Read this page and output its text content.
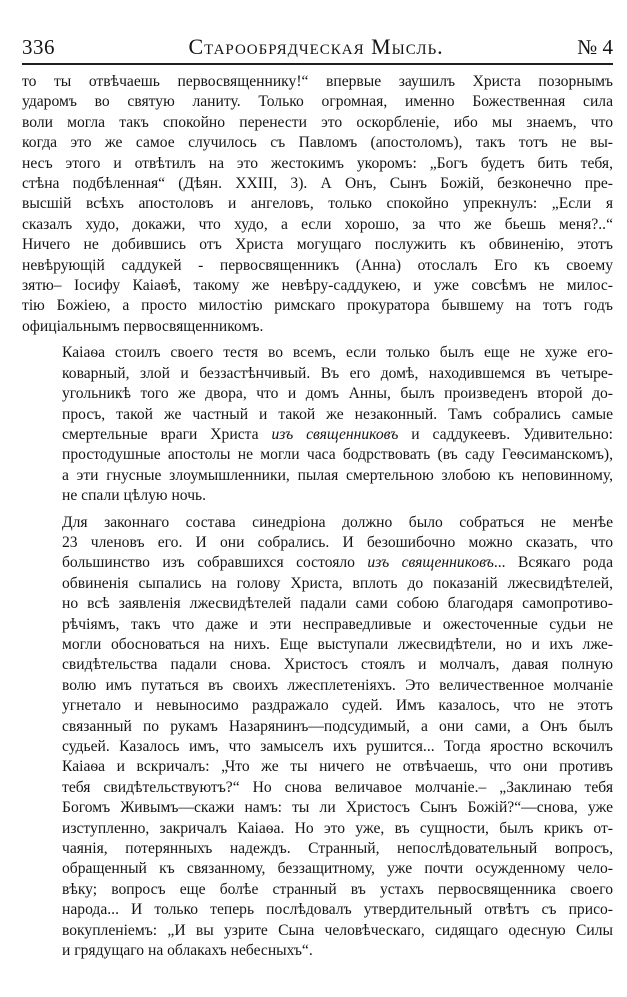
336	Старообрядческая Мысль.	№ 4
то ты отвѣчаешь первосвященнику!“ впервые заушилъ Христа позорнымъ
ударомъ во святую ланиту. Только огромная, именно Божественная сила
воли могла такъ спокойно перенести это оскорбленіе, ибо мы знаемъ, что
когда это же самое случилось съ Павломъ (апостоломъ), такъ тотъ не вы-
несъ этого и отвѣтилъ на это жестокимъ укоромъ: „Богъ будетъ бить тебя,
стѣна подбѣленная“ (Дѣян. XXIII, 3). А Онъ, Сынъ Божій, безконечно пре-
высшій всѣхъ апостоловъ и ангеловъ, только спокойно упрекнулъ: „Если я
сказалъ худо, докажи, что худо, а если хорошо, за что же бьешь меня?..“
Ничего не добившись отъ Христа могущаго послужить къ обвиненію, этотъ
невѣрующій саддукей - первосвященникъ (Анна) отослалъ Его къ своему
зятю– Іосифу Каіаѳѣ, такому же невѣру-саддукею, и уже совсѣмъ не милос-
тію Божіею, а просто милостію римскаго прокуратора бывшему на тотъ годъ
офиціальнымъ первосвященникомъ.
Каіаѳа стоилъ своего тестя во всемъ, если только былъ еще не хуже его-
коварный, злой и беззастѣнчивый. Въ его домѣ, находившемся въ четыре-
угольникѣ того же двора, что и домъ Анны, былъ произведенъ второй до-
просъ, такой же частный и такой же незаконный. Тамъ собрались самые
смертельные враги Христа изъ священниковъ и саддукеевъ. Удивительно:
простодушные апостолы не могли часа бодрствовать (въ саду Геѳсиманскомъ),
а эти гнусные злоумышленники, пылая смертельною злобою къ неповинному,
не спали цѣлую ночь.
Для законнаго состава синедріона должно было собраться не менѣе
23 членовъ его. И они собрались. И безошибочно можно сказать, что
большинство изъ собравшихся состояло изъ священниковъ... Всякаго рода
обвиненія сыпались на голову Христа, вплоть до показаній лжесвидѣтелей,
но всѣ заявленія лжесвидѣтелей падали сами собою благодаря самопротиво-
рѣчіямъ, такъ что даже и эти несправедливые и ожесточенные судьи не
могли обосноваться на нихъ. Еще выступали лжесвидѣтели, но и ихъ лже-
свидѣтельства падали снова. Христосъ стоялъ и молчалъ, давая полную
волю имъ путаться въ своихъ лжесплетеніяхъ. Это величественное молчаніе
угнетало и невыносимо раздражало судей. Имъ казалось, что не этотъ
связанный по рукамъ Назарянинъ—подсудимый, а они сами, а Онъ былъ
судьей. Казалось имъ, что замыселъ ихъ рушится... Тогда яростно вскочилъ
Каіаѳа и вскричалъ: „Что же ты ничего не отвѣчаешь, что они противъ
тебя свидѣтельствуютъ?“ Но снова величавое молчаніе.– „Заклинаю тебя
Богомъ Живымъ—скажи намъ: ты ли Христосъ Сынъ Божій?“—снова, уже
изступленно, закричалъ Каіаѳа. Но это уже, въ сущности, былъ крикъ от-
чаянія, потерянныхъ надеждъ. Странный, непослѣдовательный вопросъ,
обращенный къ связанному, беззащитному, уже почти осужденному чело-
вѣку; вопросъ еще болѣе странный въ устахъ первосвященника своего
народа... И только теперь послѣдовалъ утвердительный отвѣтъ съ присо-
вокупленіемъ: „И вы узрите Сына человѣческаго, сидящаго одесную Силы
и грядущаго на облакахъ небесныхъ“.
